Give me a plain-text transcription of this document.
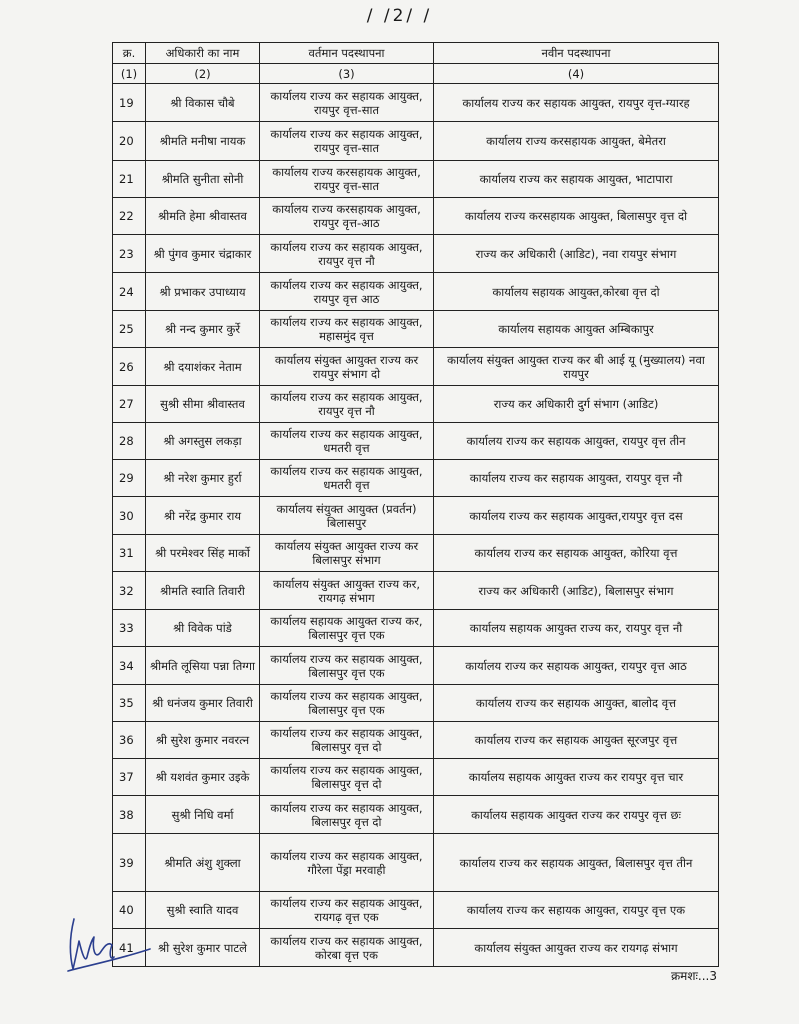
/ /2/ /
क्र.	अधिकारी का नाम	वर्तमान पदस्थापना	नवीन पदस्थापना
(1)	(2)	(3)	(4)
19	श्री विकास चौबे	कार्यालय राज्य कर सहायक आयुक्त, रायपुर वृत्त-सात	कार्यालय राज्य कर सहायक आयुक्त, रायपुर वृत्त-ग्यारह
20	श्रीमति मनीषा नायक	कार्यालय राज्य कर सहायक आयुक्त, रायपुर वृत्त-सात	कार्यालय राज्य करसहायक आयुक्त, बेमेतरा
21	श्रीमति सुनीता सोनी	कार्यालय राज्य करसहायक आयुक्त, रायपुर वृत्त-सात	कार्यालय राज्य कर सहायक आयुक्त, भाटापारा
22	श्रीमति हेमा श्रीवास्तव	कार्यालय राज्य करसहायक आयुक्त, रायपुर वृत्त-आठ	कार्यालय राज्य करसहायक आयुक्त, बिलासपुर वृत्त दो
23	श्री पुंगव कुमार चंद्राकार	कार्यालय राज्य कर सहायक आयुक्त, रायपुर वृत्त नौ	राज्य कर अधिकारी (आडिट), नवा रायपुर संभाग
24	श्री प्रभाकर उपाध्याय	कार्यालय राज्य कर सहायक आयुक्त, रायपुर वृत्त आठ	कार्यालय सहायक आयुक्त,कोरबा वृत्त दो
25	श्री नन्द कुमार कुर्रे	कार्यालय राज्य कर सहायक आयुक्त, महासमुंद वृत्त	कार्यालय सहायक आयुक्त अम्बिकापुर
26	श्री दयाशंकर नेताम	कार्यालय संयुक्त आयुक्त राज्य कर रायपुर संभाग दो	कार्यालय संयुक्त आयुक्त राज्य कर बी आई यू (मुख्यालय) नवा रायपुर
27	सुश्री सीमा श्रीवास्तव	कार्यालय राज्य कर सहायक आयुक्त, रायपुर वृत्त नौ	राज्य कर अधिकारी दुर्ग संभाग (आडिट)
28	श्री अगस्तुस लकड़ा	कार्यालय राज्य कर सहायक आयुक्त, धमतरी वृत्त	कार्यालय राज्य कर सहायक आयुक्त, रायपुर वृत्त तीन
29	श्री नरेश कुमार हुर्रा	कार्यालय राज्य कर सहायक आयुक्त, धमतरी वृत्त	कार्यालय राज्य कर सहायक आयुक्त, रायपुर वृत्त नौ
30	श्री नरेंद्र कुमार राय	कार्यालय संयुक्त आयुक्त (प्रवर्तन) बिलासपुर	कार्यालय राज्य कर सहायक आयुक्त,रायपुर वृत्त दस
31	श्री परमेश्वर सिंह मार्को	कार्यालय संयुक्त आयुक्त राज्य कर बिलासपुर संभाग	कार्यालय राज्य कर सहायक आयुक्त, कोरिया वृत्त
32	श्रीमति स्वाति तिवारी	कार्यालय संयुक्त आयुक्त राज्य कर, रायगढ़ संभाग	राज्य कर अधिकारी (आडिट), बिलासपुर संभाग
33	श्री विवेक पांडे	कार्यालय सहायक आयुक्त राज्य कर, बिलासपुर वृत्त एक	कार्यालय सहायक आयुक्त राज्य कर, रायपुर वृत्त नौ
34	श्रीमति लूसिया पन्ना तिग्गा	कार्यालय राज्य कर सहायक आयुक्त, बिलासपुर वृत्त एक	कार्यालय राज्य कर सहायक आयुक्त, रायपुर वृत्त आठ
35	श्री धनंजय कुमार तिवारी	कार्यालय राज्य कर सहायक आयुक्त, बिलासपुर वृत्त एक	कार्यालय राज्य कर सहायक आयुक्त, बालोद वृत्त
36	श्री सुरेश कुमार नवरत्न	कार्यालय राज्य कर सहायक आयुक्त, बिलासपुर वृत्त दो	कार्यालय राज्य कर सहायक आयुक्त सूरजपुर वृत्त
37	श्री यशवंत कुमार उइके	कार्यालय राज्य कर सहायक आयुक्त, बिलासपुर वृत्त दो	कार्यालय सहायक आयुक्त राज्य कर रायपुर वृत्त चार
38	सुश्री निधि वर्मा	कार्यालय राज्य कर सहायक आयुक्त, बिलासपुर वृत्त दो	कार्यालय सहायक आयुक्त राज्य कर रायपुर वृत्त छः
39	श्रीमति अंशु शुक्ला	कार्यालय राज्य कर सहायक आयुक्त, गौरेला पेंड्रा मरवाही	कार्यालय राज्य कर सहायक आयुक्त, बिलासपुर वृत्त तीन
40	सुश्री स्वाति यादव	कार्यालय राज्य कर सहायक आयुक्त, रायगढ़ वृत्त एक	कार्यालय राज्य कर सहायक आयुक्त, रायपुर वृत्त एक
41	श्री सुरेश कुमार पाटले	कार्यालय राज्य कर सहायक आयुक्त, कोरबा वृत्त एक	कार्यालय संयुक्त आयुक्त राज्य कर रायगढ़ संभाग
क्रमशः...3
